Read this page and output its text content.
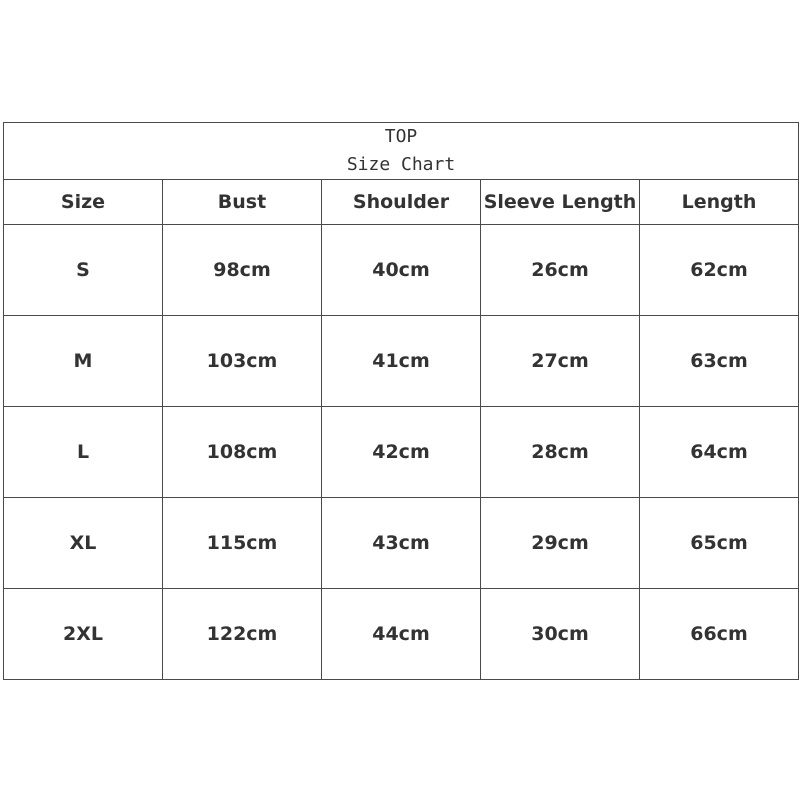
TOP
Size Chart				

Size	Bust	Shoulder	Sleeve Length	Length
S	98cm	40cm	26cm	62cm
M	103cm	41cm	27cm	63cm
L	108cm	42cm	28cm	64cm
XL	115cm	43cm	29cm	65cm
2XL	122cm	44cm	30cm	66cm
